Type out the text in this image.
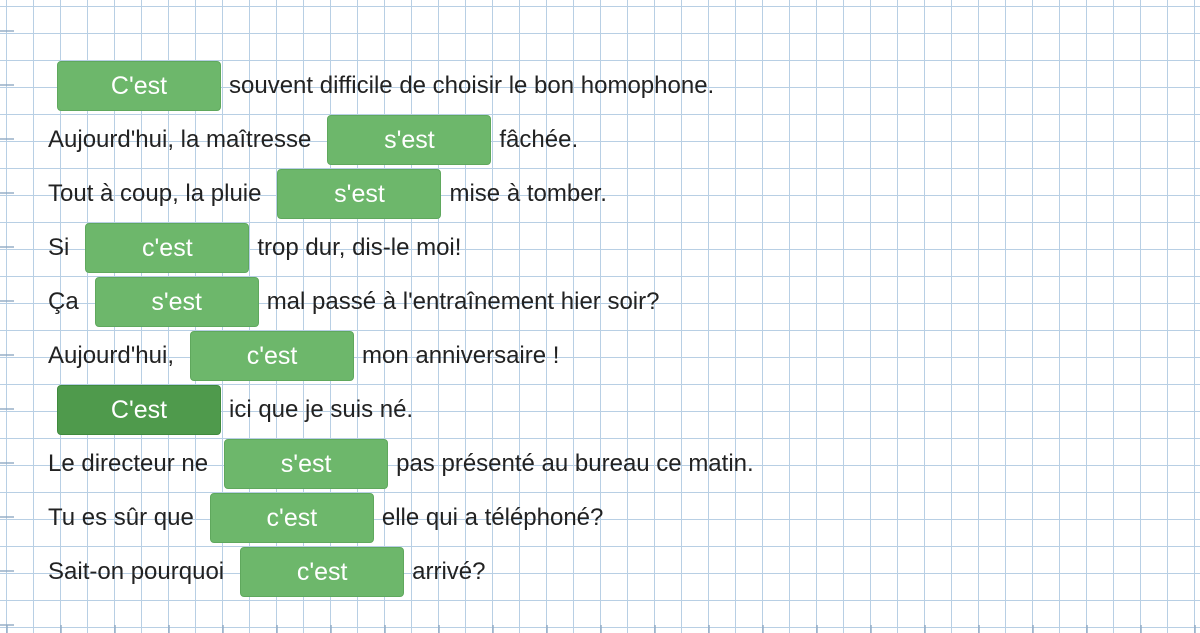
C'est	souvent difficile de choisir le bon homophone.
Aujourd'hui, la maîtresse	s'est	fâchée.
Tout à coup, la pluie	s'est	mise à tomber.
Si	c'est	trop dur, dis-le moi!
Ça	s'est	mal passé à l'entraînement hier soir?
Aujourd'hui,	c'est	mon anniversaire !
C'est	ici que je suis né.
Le directeur ne	s'est	pas présenté au bureau ce matin.
Tu es sûr que	c'est	elle qui a téléphoné?
Sait-on pourquoi	c'est	arrivé?
